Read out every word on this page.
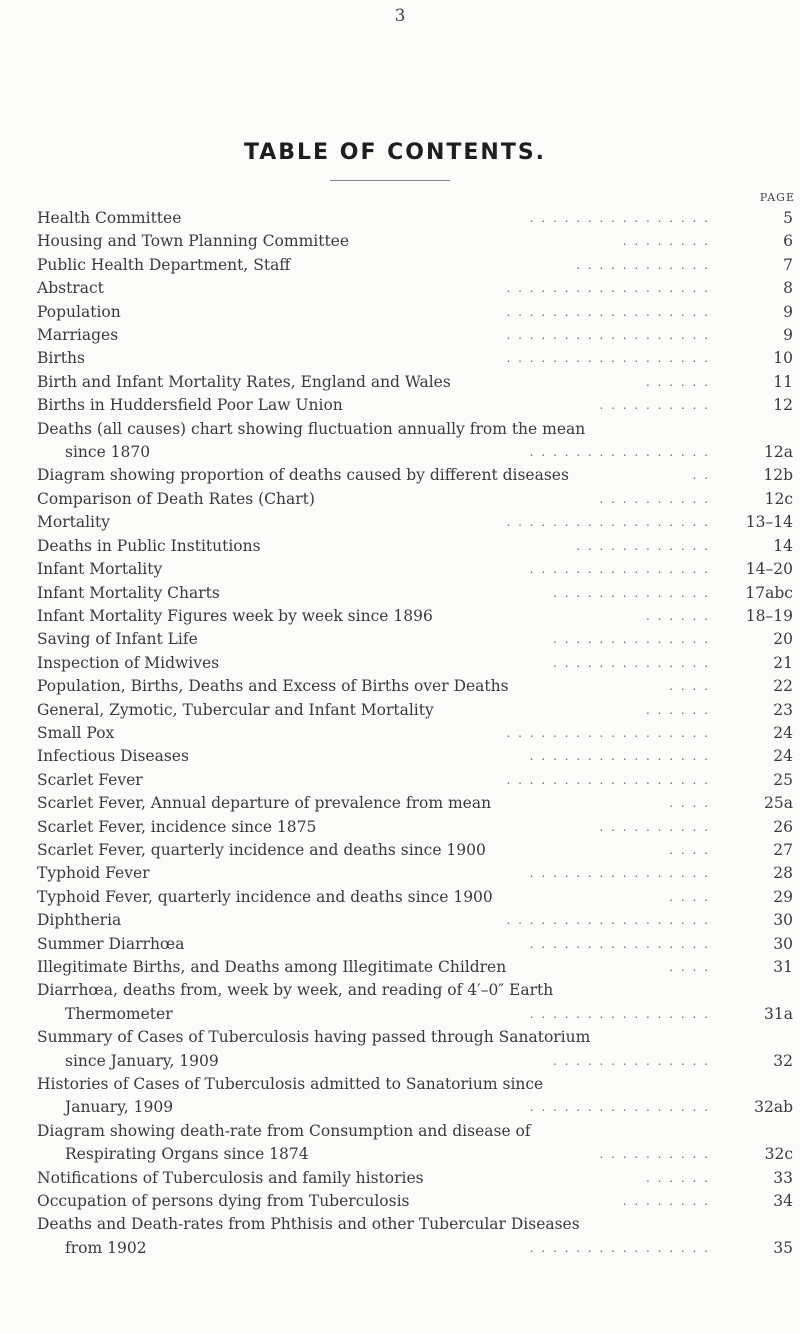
3
TABLE OF CONTENTS.
PAGE
Health Committee	. . . . . . . . . . . . . . . .	5
Housing and Town Planning Committee	. . . . . . . .	6
Public Health Department, Staff	. . . . . . . . . . . .	7
Abstract	. . . . . . . . . . . . . . . . . .	8
Population	. . . . . . . . . . . . . . . . . .	9
Marriages	. . . . . . . . . . . . . . . . . .	9
Births	. . . . . . . . . . . . . . . . . .	10
Birth and Infant Mortality Rates, England and Wales	. . . . . .	11
Births in Huddersfield Poor Law Union	. . . . . . . . . .	12
Deaths (all causes) chart showing fluctuation annually from the mean
since 1870	. . . . . . . . . . . . . . . .	12a
Diagram showing proportion of deaths caused by different diseases	. .	12b
Comparison of Death Rates (Chart)	. . . . . . . . . .	12c
Mortality	. . . . . . . . . . . . . . . . . .	13–14
Deaths in Public Institutions	. . . . . . . . . . . .	14
Infant Mortality	. . . . . . . . . . . . . . . .	14–20
Infant Mortality Charts	. . . . . . . . . . . . . .	17abc
Infant Mortality Figures week by week since 1896	. . . . . .	18–19
Saving of Infant Life	. . . . . . . . . . . . . .	20
Inspection of Midwives	. . . . . . . . . . . . . .	21
Population, Births, Deaths and Excess of Births over Deaths	. . . .	22
General, Zymotic, Tubercular and Infant Mortality	. . . . . .	23
Small Pox	. . . . . . . . . . . . . . . . . .	24
Infectious Diseases	. . . . . . . . . . . . . . . .	24
Scarlet Fever	. . . . . . . . . . . . . . . . . .	25
Scarlet Fever, Annual departure of prevalence from mean	. . . .	25a
Scarlet Fever, incidence since 1875	. . . . . . . . . .	26
Scarlet Fever, quarterly incidence and deaths since 1900	. . . .	27
Typhoid Fever	. . . . . . . . . . . . . . . .	28
Typhoid Fever, quarterly incidence and deaths since 1900	. . . .	29
Diphtheria	. . . . . . . . . . . . . . . . . .	30
Summer Diarrhœa	. . . . . . . . . . . . . . . .	30
Illegitimate Births, and Deaths among Illegitimate Children	. . . .	31
Diarrhœa, deaths from, week by week, and reading of 4′–0″ Earth
Thermometer	. . . . . . . . . . . . . . . .	31a
Summary of Cases of Tuberculosis having passed through Sanatorium
since January, 1909	. . . . . . . . . . . . . .	32
Histories of Cases of Tuberculosis admitted to Sanatorium since
January, 1909	. . . . . . . . . . . . . . . .	32ab
Diagram showing death-rate from Consumption and disease of
Respirating Organs since 1874	. . . . . . . . . .	32c
Notifications of Tuberculosis and family histories	. . . . . .	33
Occupation of persons dying from Tuberculosis	. . . . . . . .	34
Deaths and Death-rates from Phthisis and other Tubercular Diseases
from 1902	. . . . . . . . . . . . . . . .	35
